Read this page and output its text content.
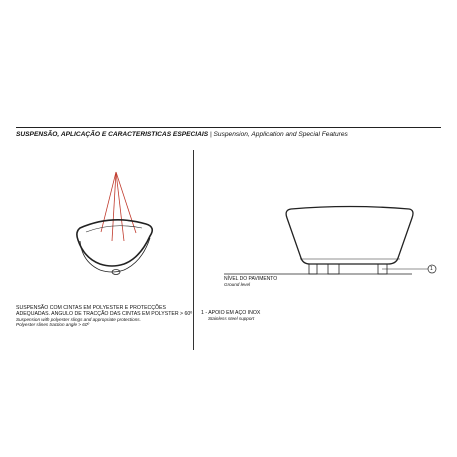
SUSPENSÃO, APLICAÇÃO E CARACTERISTICAS ESPECIAIS | Suspension, Application and Special Features
1
NÍVEL DO PAVIMENTO
Ground level
SUSPENSÃO COM CINTAS EM POLYESTER E PROTECÇÕES
ADEQUADAS. ANGULO DE TRACÇÃO DAS CINTAS EM POLYSTER > 60º
Suspension with polyester slings and appropriate protections.
Polyester slines traction angle > 60º
1 - APOIO EM AÇO INOX
Stainless steel support
